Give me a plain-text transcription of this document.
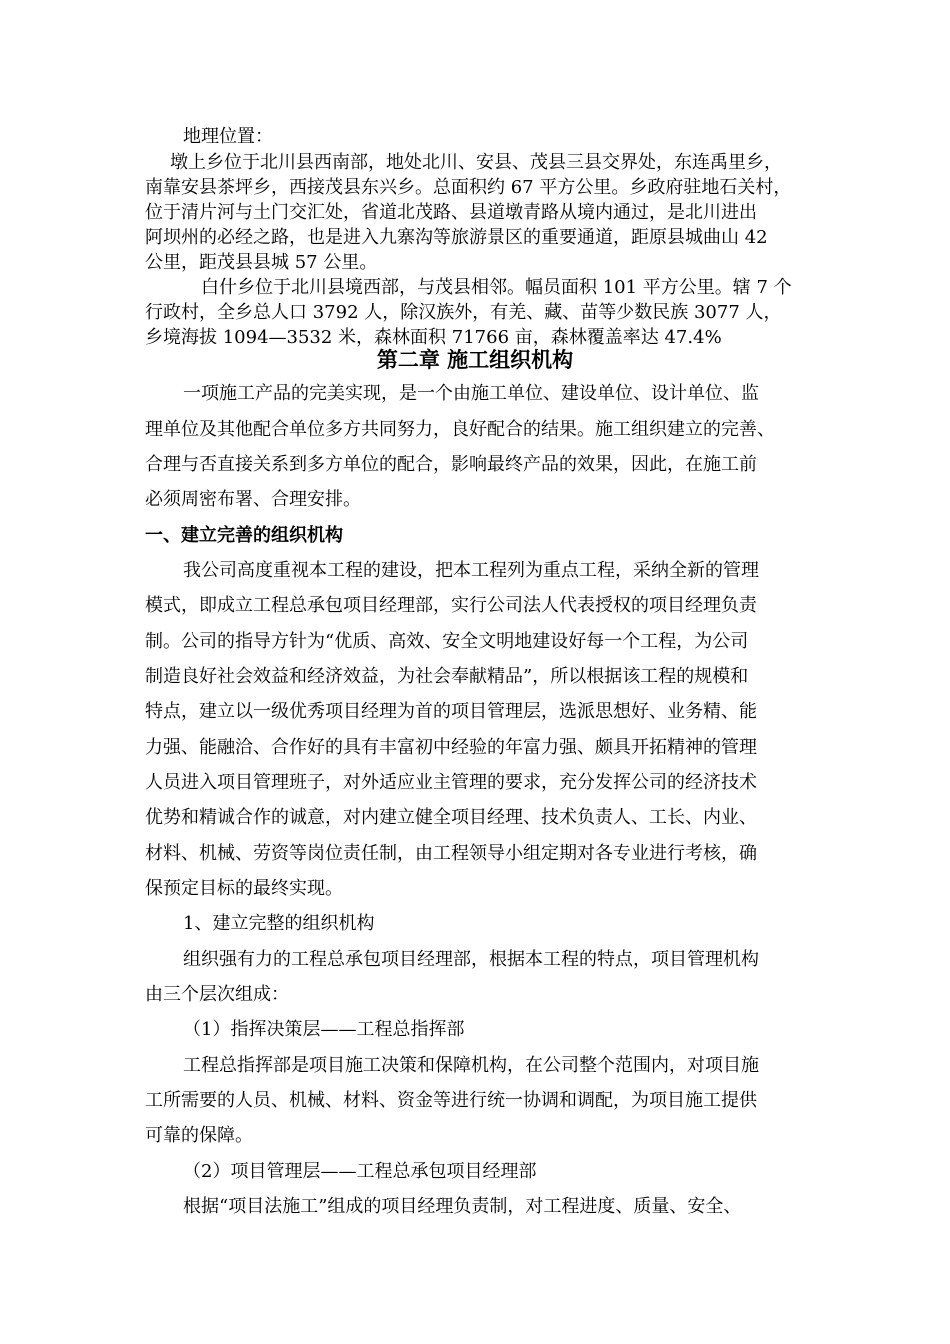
地理位置：
墩上乡位于北川县西南部，地处北川、安县、茂县三县交界处，东连禹里乡，
南靠安县茶坪乡，西接茂县东兴乡。总面积约 67 平方公里。乡政府驻地石关村，
位于清片河与土门交汇处，省道北茂路、县道墩青路从境内通过，是北川进出
阿坝州的必经之路，也是进入九寨沟等旅游景区的重要通道，距原县城曲山 42
公里，距茂县县城 57 公里。
白什乡位于北川县境西部，与茂县相邻。幅员面积 101 平方公里。辖 7 个
行政村，全乡总人口 3792 人，除汉族外，有羌、藏、苗等少数民族 3077 人，
乡境海拔 1094—3532 米，森林面积 71766 亩，森林覆盖率达 47.4%
第二章 施工组织机构
一项施工产品的完美实现，是一个由施工单位、建设单位、设计单位、监
理单位及其他配合单位多方共同努力，良好配合的结果。施工组织建立的完善、
合理与否直接关系到多方单位的配合，影响最终产品的效果，因此，在施工前
必须周密布署、合理安排。
一、建立完善的组织机构
我公司高度重视本工程的建设，把本工程列为重点工程，采纳全新的管理
模式，即成立工程总承包项目经理部，实行公司法人代表授权的项目经理负责
制。公司的指导方针为“优质、高效、安全文明地建设好每一个工程，为公司
制造良好社会效益和经济效益，为社会奉献精品”，所以根据该工程的规模和
特点，建立以一级优秀项目经理为首的项目管理层，选派思想好、业务精、能
力强、能融洽、合作好的具有丰富初中经验的年富力强、颇具开拓精神的管理
人员进入项目管理班子，对外适应业主管理的要求，充分发挥公司的经济技术
优势和精诚合作的诚意，对内建立健全项目经理、技术负责人、工长、内业、
材料、机械、劳资等岗位责任制，由工程领导小组定期对各专业进行考核，确
保预定目标的最终实现。
1、建立完整的组织机构
组织强有力的工程总承包项目经理部，根据本工程的特点，项目管理机构
由三个层次组成：
（1）指挥决策层——工程总指挥部
工程总指挥部是项目施工决策和保障机构，在公司整个范围内，对项目施
工所需要的人员、机械、材料、资金等进行统一协调和调配，为项目施工提供
可靠的保障。
（2）项目管理层——工程总承包项目经理部
根据“项目法施工”组成的项目经理负责制，对工程进度、质量、安全、
